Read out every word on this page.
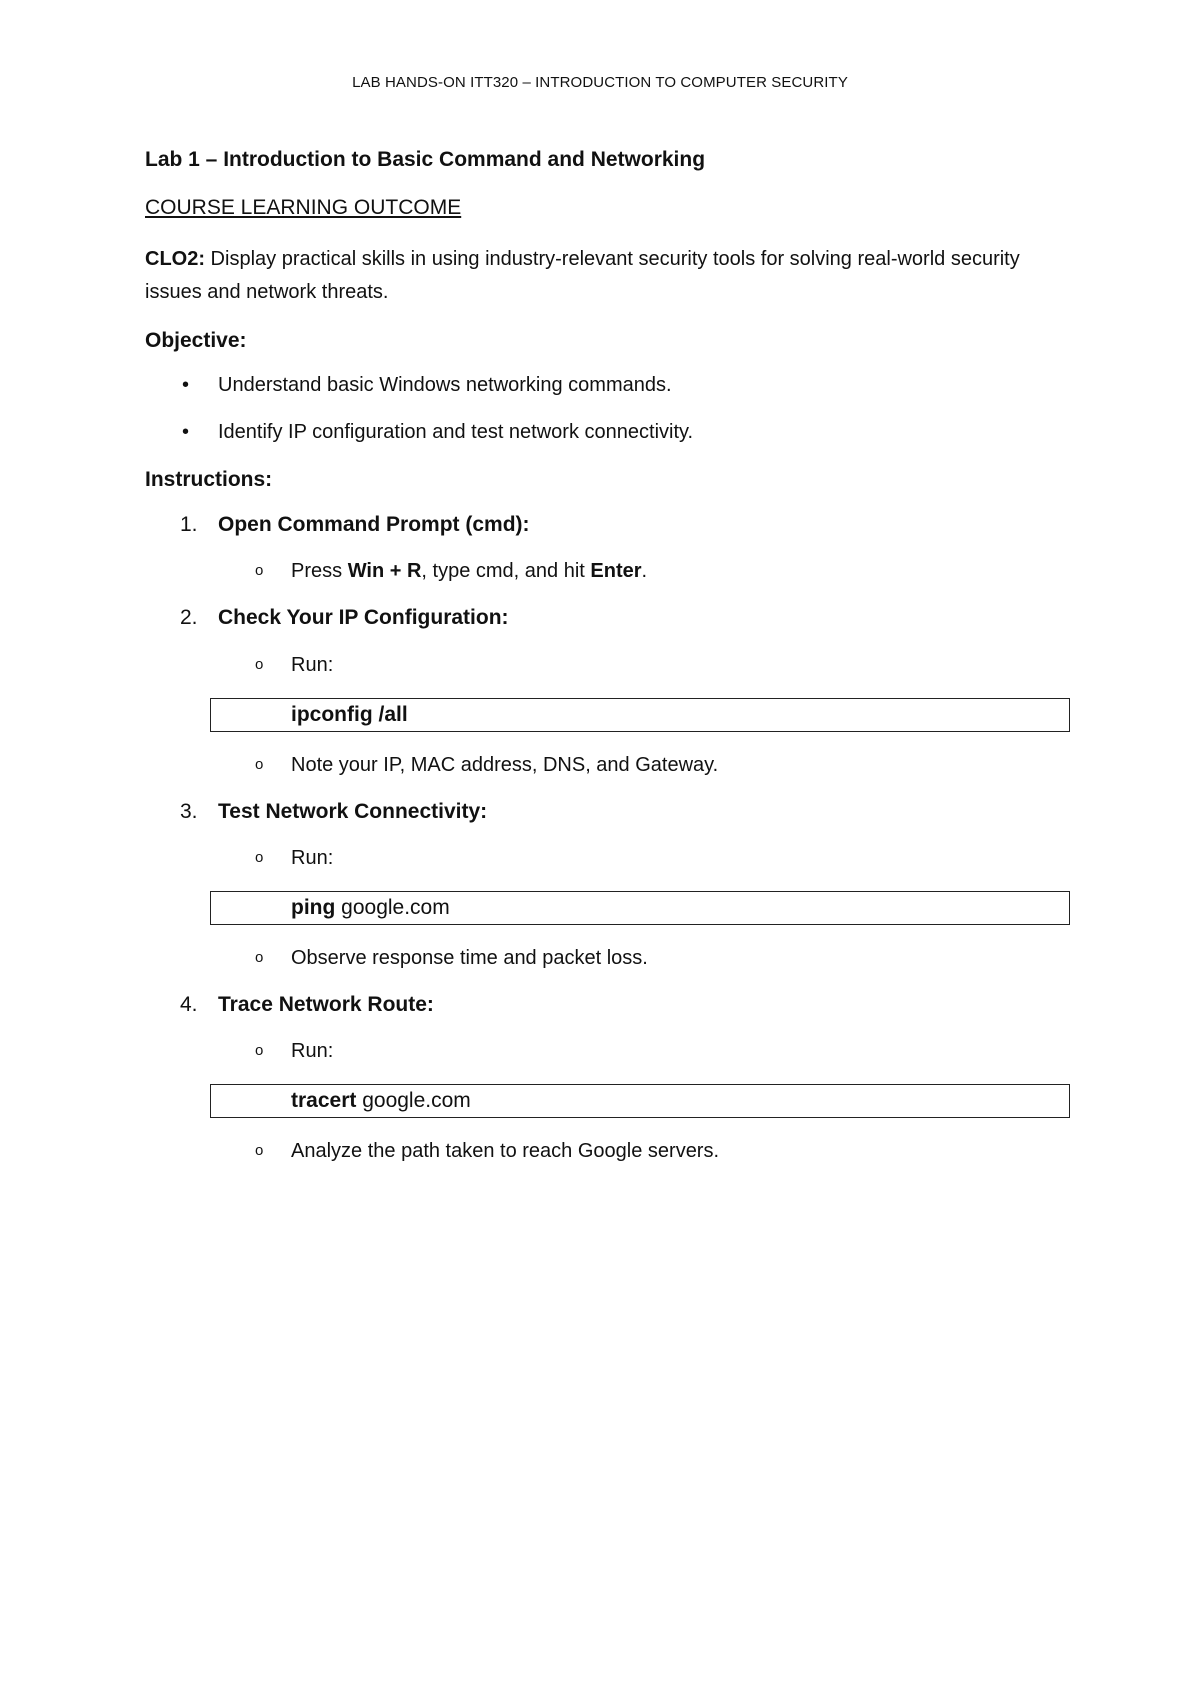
LAB HANDS-ON ITT320 – INTRODUCTION TO COMPUTER SECURITY
Lab 1 – Introduction to Basic Command and Networking
COURSE LEARNING OUTCOME
CLO2: Display practical skills in using industry-relevant security tools for solving real-world security issues and network threats.
Objective:
• Understand basic Windows networking commands.
• Identify IP configuration and test network connectivity.
Instructions:
1. Open Command Prompt (cmd):
o Press Win + R, type cmd, and hit Enter.
2. Check Your IP Configuration:
o Run:
ipconfig /all
o Note your IP, MAC address, DNS, and Gateway.
3. Test Network Connectivity:
o Run:
ping google.com
o Observe response time and packet loss.
4. Trace Network Route:
o Run:
tracert google.com
o Analyze the path taken to reach Google servers.
